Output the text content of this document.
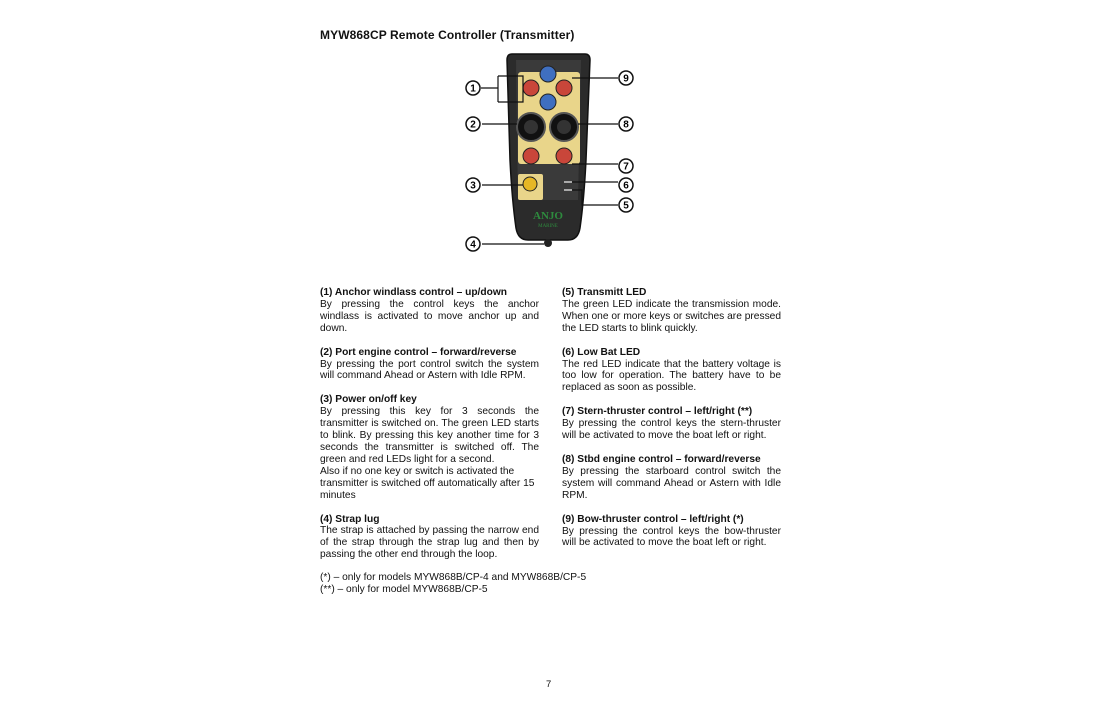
MYW868CP Remote Controller (Transmitter)
ANJO
MARINE
1
2
3
4
5
6
7
8
9
(1) Anchor windlass control – up/down
By pressing the control keys the anchor windlass is activated to move anchor up and down.
(2) Port engine control – forward/reverse
By pressing the port control switch the system will command Ahead or Astern with Idle RPM.
(3) Power on/off key
By pressing this key for 3 seconds the transmitter is switched on. The green LED starts to blink. By pressing this key another time for 3 seconds the transmitter is switched off. The green and red LEDs light for a second.
Also if no one key or switch is activated the transmitter is switched off automatically after 15 minutes
(4) Strap lug
The strap is attached by passing the narrow end of the strap through the strap lug and then by passing the other end through the loop.
(5) Transmitt LED
The green LED indicate the transmission mode. When one or more keys or switches are pressed the LED starts to blink quickly.
(6) Low Bat LED
The red LED indicate that the battery voltage is too low for operation. The battery have to be replaced as soon as possible.
(7) Stern-thruster control – left/right (**)
By pressing the control keys the stern-thruster will be activated to move the boat left or right.
(8) Stbd engine control – forward/reverse
By pressing the starboard control switch the system will command Ahead or Astern with Idle RPM.
(9) Bow-thruster control – left/right (*)
By pressing the control keys the bow-thruster will be activated to move the boat left or right.
(*) – only for models MYW868B/CP-4 and MYW868B/CP-5
(**) – only for model MYW868B/CP-5
7
